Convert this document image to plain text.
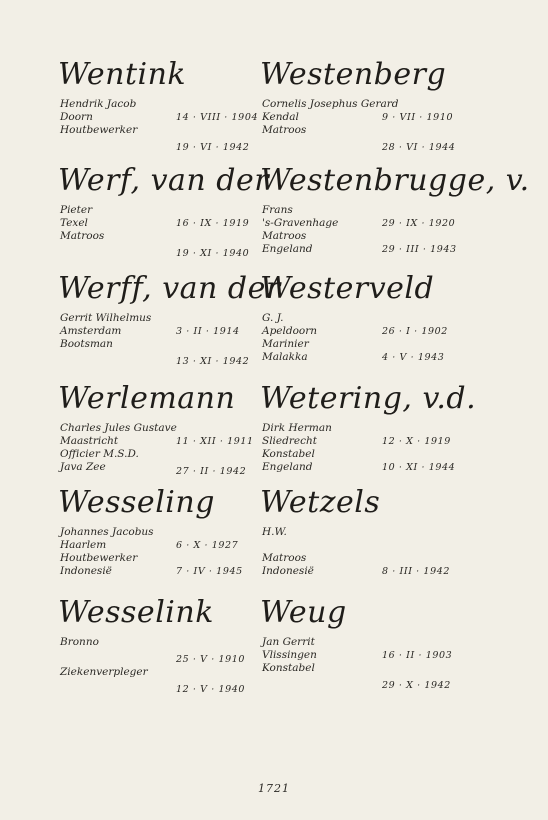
Wentink
Hendrik Jacob
Doorn	14 · VIII · 1904
Houtbewerker
19 · VI · 1942
Werf, van der
Pieter
Texel	16 · IX · 1919
Matroos
19 · XI · 1940
Werff, van der
Gerrit Wilhelmus
Amsterdam	3 · II · 1914
Bootsman
13 · XI · 1942
Werlemann
Charles Jules Gustave
Maastricht	11 · XII · 1911
Officier M.S.D.
Java Zee	27 · II · 1942
Wesseling
Johannes Jacobus
Haarlem	6 · X · 1927
Houtbewerker
Indonesië	7 · IV · 1945
Wesselink
Bronno
25 · V · 1910
Ziekenverpleger
12 · V · 1940
Westenberg
Cornelis Josephus Gerard
Kendal	9 · VII · 1910
Matroos
28 · VI · 1944
Westenbrugge, v.
Frans
's-Gravenhage	29 · IX · 1920
Matroos
Engeland	29 · III · 1943
Westerveld
G. J.
Apeldoorn	26 · I · 1902
Marinier
Malakka	4 · V · 1943
Wetering, v.d.
Dirk Herman
Sliedrecht	12 · X · 1919
Konstabel
Engeland	10 · XI · 1944
Wetzels
H.W.
Matroos
Indonesië	8 · III · 1942
Weug
Jan Gerrit
Vlissingen	16 · II · 1903
Konstabel
29 · X · 1942
1721
